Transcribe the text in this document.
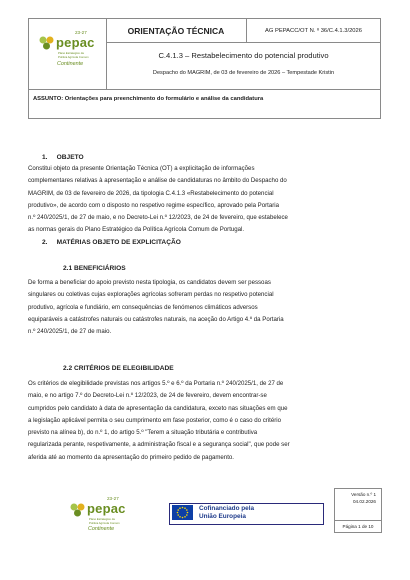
23-27
pepac
Plano Estratégico da
Política Agrícola Comum
Continente
ORIENTAÇÃO TÉCNICA	AG PEPACC/OT N. º 36/C.4.1.3/2026
C.4.1.3 – Restabelecimento do potencial produtivo
Despacho do MAGRIM, de 03 de fevereiro de 2026 – Tempestade Kristin
ASSUNTO: Orientações para preenchimento do formulário e análise da candidatura
1.     OBJETO
Constitui objeto da presente Orientação Técnica (OT) a explicitação de informações
complementares relativas à apresentação e análise de candidaturas no âmbito do Despacho do
MAGRIM, de 03 de fevereiro de 2026, da tipologia C.4.1.3 «Restabelecimento do potencial
produtivo», de acordo com o disposto no respetivo regime específico, aprovado pela Portaria
n.º 240/2025/1, de 27 de maio, e no Decreto-Lei n.º 12/2023, de 24 de fevereiro, que estabelece
as normas gerais do Plano Estratégico da Política Agrícola Comum de Portugal.
2.     MATÉRIAS OBJETO DE EXPLICITAÇÃO
2.1 BENEFICIÁRIOS
De forma a beneficiar do apoio previsto nesta tipologia, os candidatos devem ser pessoas
singulares ou coletivas cujas explorações agrícolas sofreram perdas no respetivo potencial
produtivo, agrícola e fundiário, em consequências de fenómenos climáticos adversos
equiparáveis a catástrofes naturais ou catástrofes naturais, na aceção do Artigo 4.º da Portaria
n.º 240/2025/1, de 27 de maio.
2.2 CRITÉRIOS DE ELEGIBILIDADE
Os critérios de elegibilidade previstas nos artigos 5.º e 6.º da Portaria n.º 240/2025/1, de 27 de
maio, e no artigo 7.º do Decreto-Lei n.º 12/2023, de 24 de fevereiro, devem encontrar-se
cumpridos pelo candidato à data de apresentação da candidatura, exceto nas situações em que
a legislação aplicável permita o seu cumprimento em fase posterior, como é o caso do critério
previsto na alínea b), do n.º 1, do artigo 5.º "Terem a situação tributária e contributiva
regularizada perante, respetivamente, a administração fiscal e a segurança social", que pode ser
aferida até ao momento da apresentação do primeiro pedido de pagamento.
23-27
pepac
Plano Estratégico da
Política Agrícola Comum
Continente
Cofinanciado pela
União Europeia
Versão n.º 1
04.02.2026
Página 1 de 10
